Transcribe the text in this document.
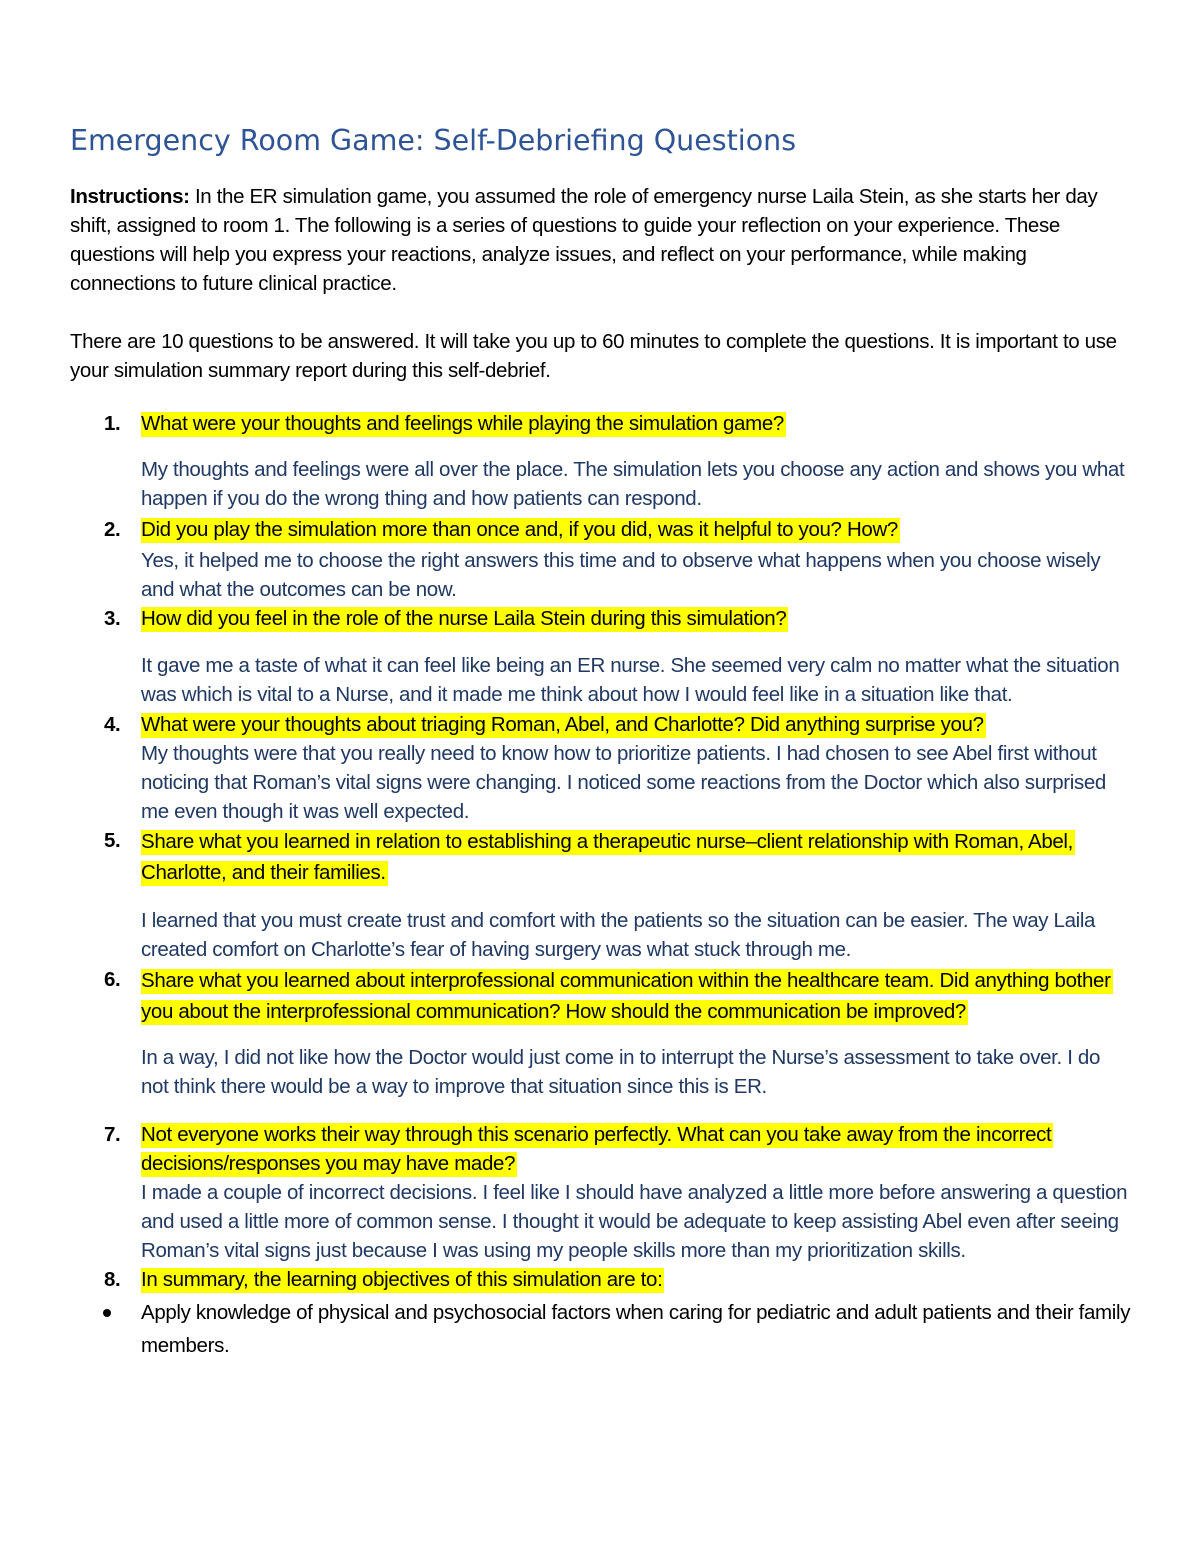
Emergency Room Game: Self-Debriefing Questions

Instructions: In the ER simulation game, you assumed the role of emergency nurse Laila Stein, as she starts her day shift, assigned to room 1. The following is a series of questions to guide your reflection on your experience. These questions will help you express your reactions, analyze issues, and reflect on your performance, while making connections to future clinical practice.

There are 10 questions to be answered. It will take you up to 60 minutes to complete the questions. It is important to use your simulation summary report during this self-debrief.

1. What were your thoughts and feelings while playing the simulation game?

My thoughts and feelings were all over the place. The simulation lets you choose any action and shows you what happen if you do the wrong thing and how patients can respond.

2. Did you play the simulation more than once and, if you did, was it helpful to you? How?

Yes, it helped me to choose the right answers this time and to observe what happens when you choose wisely and what the outcomes can be now.

3. How did you feel in the role of the nurse Laila Stein during this simulation?

It gave me a taste of what it can feel like being an ER nurse. She seemed very calm no matter what the situation was which is vital to a Nurse, and it made me think about how I would feel like in a situation like that.

4. What were your thoughts about triaging Roman, Abel, and Charlotte? Did anything surprise you?

My thoughts were that you really need to know how to prioritize patients. I had chosen to see Abel first without noticing that Roman’s vital signs were changing. I noticed some reactions from the Doctor which also surprised me even though it was well expected.

5. Share what you learned in relation to establishing a therapeutic nurse–client relationship with Roman, Abel, Charlotte, and their families.

I learned that you must create trust and comfort with the patients so the situation can be easier. The way Laila created comfort on Charlotte’s fear of having surgery was what stuck through me.

6. Share what you learned about interprofessional communication within the healthcare team. Did anything bother you about the interprofessional communication? How should the communication be improved?

In a way, I did not like how the Doctor would just come in to interrupt the Nurse’s assessment to take over. I do not think there would be a way to improve that situation since this is ER.

7. Not everyone works their way through this scenario perfectly. What can you take away from the incorrect decisions/responses you may have made?

I made a couple of incorrect decisions. I feel like I should have analyzed a little more before answering a question and used a little more of common sense. I thought it would be adequate to keep assisting Abel even after seeing Roman’s vital signs just because I was using my people skills more than my prioritization skills.

8. In summary, the learning objectives of this simulation are to:

Apply knowledge of physical and psychosocial factors when caring for pediatric and adult patients and their family members.
